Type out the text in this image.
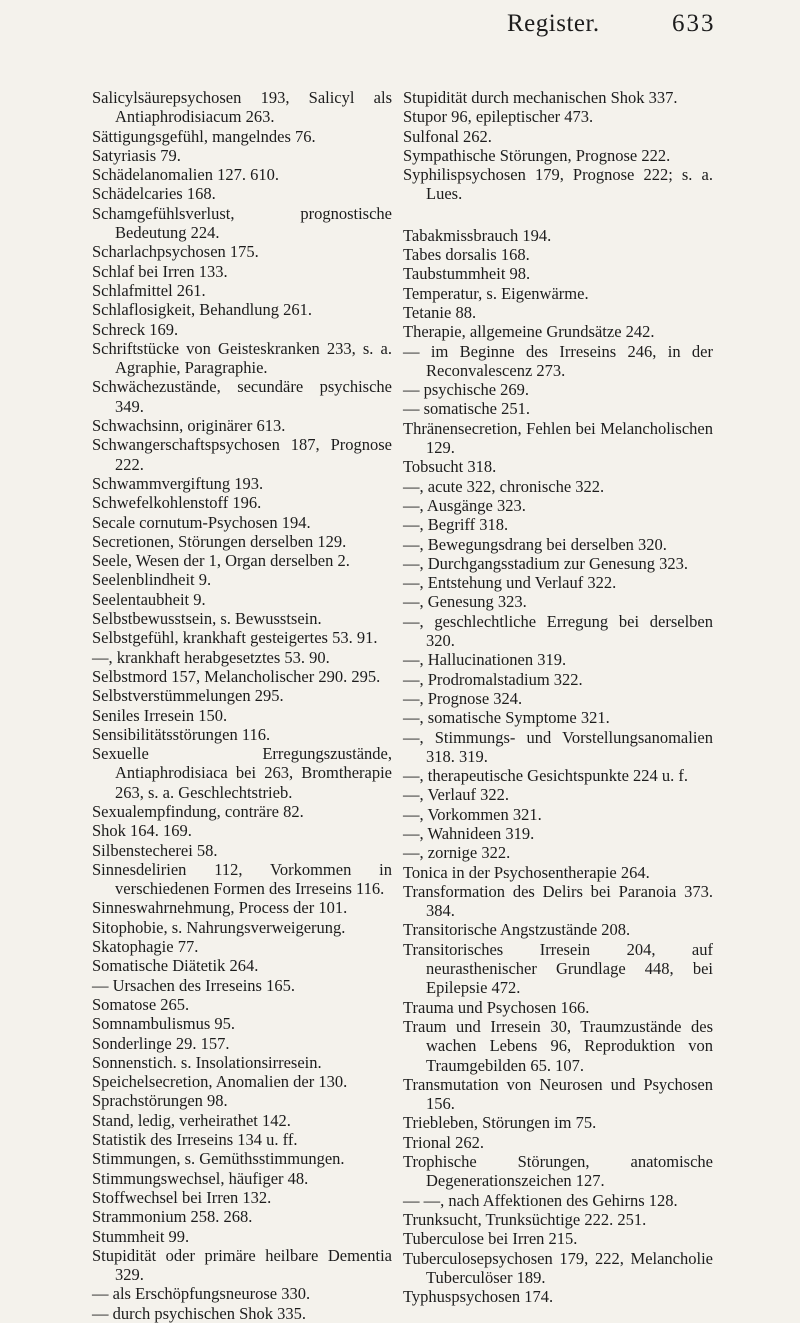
Register.	633
Salicylsäurepsychosen 193, Salicyl als Antiaphrodisiacum 263.
Sättigungsgefühl, mangelndes 76.
Satyriasis 79.
Schädelanomalien 127. 610.
Schädelcaries 168.
Schamgefühlsverlust, prognostische Bedeutung 224.
Scharlachpsychosen 175.
Schlaf bei Irren 133.
Schlafmittel 261.
Schlaflosigkeit, Behandlung 261.
Schreck 169.
Schriftstücke von Geisteskranken 233, s. a. Agraphie, Paragraphie.
Schwächezustände, secundäre psychische 349.
Schwachsinn, originärer 613.
Schwangerschaftspsychosen 187, Prognose 222.
Schwammvergiftung 193.
Schwefelkohlenstoff 196.
Secale cornutum-Psychosen 194.
Secretionen, Störungen derselben 129.
Seele, Wesen der 1, Organ derselben 2.
Seelenblindheit 9.
Seelentaubheit 9.
Selbstbewusstsein, s. Bewusstsein.
Selbstgefühl, krankhaft gesteigertes 53. 91.
—, krankhaft herabgesetztes 53. 90.
Selbstmord 157, Melancholischer 290. 295.
Selbstverstümmelungen 295.
Seniles Irresein 150.
Sensibilitätsstörungen 116.
Sexuelle Erregungszustände, Antiaphrodisiaca bei 263, Bromtherapie 263, s. a. Geschlechtstrieb.
Sexualempfindung, conträre 82.
Shok 164. 169.
Silbenstecherei 58.
Sinnesdelirien 112, Vorkommen in verschiedenen Formen des Irreseins 116.
Sinneswahrnehmung, Process der 101.
Sitophobie, s. Nahrungsverweigerung.
Skatophagie 77.
Somatische Diätetik 264.
— Ursachen des Irreseins 165.
Somatose 265.
Somnambulismus 95.
Sonderlinge 29. 157.
Sonnenstich. s. Insolationsirresein.
Speichelsecretion, Anomalien der 130.
Sprachstörungen 98.
Stand, ledig, verheirathet 142.
Statistik des Irreseins 134 u. ff.
Stimmungen, s. Gemüthsstimmungen.
Stimmungswechsel, häufiger 48.
Stoffwechsel bei Irren 132.
Strammonium 258. 268.
Stummheit 99.
Stupidität oder primäre heilbare Dementia 329.
— als Erschöpfungsneurose 330.
— durch psychischen Shok 335.
Stupidität durch mechanischen Shok 337.
Stupor 96, epileptischer 473.
Sulfonal 262.
Sympathische Störungen, Prognose 222.
Syphilispsychosen 179, Prognose 222; s. a. Lues.
Tabakmissbrauch 194.
Tabes dorsalis 168.
Taubstummheit 98.
Temperatur, s. Eigenwärme.
Tetanie 88.
Therapie, allgemeine Grundsätze 242.
— im Beginne des Irreseins 246, in der Reconvalescenz 273.
— psychische 269.
— somatische 251.
Thränensecretion, Fehlen bei Melancholischen 129.
Tobsucht 318.
—, acute 322, chronische 322.
—, Ausgänge 323.
—, Begriff 318.
—, Bewegungsdrang bei derselben 320.
—, Durchgangsstadium zur Genesung 323.
—, Entstehung und Verlauf 322.
—, Genesung 323.
—, geschlechtliche Erregung bei derselben 320.
—, Hallucinationen 319.
—, Prodromalstadium 322.
—, Prognose 324.
—, somatische Symptome 321.
—, Stimmungs- und Vorstellungsanomalien 318. 319.
—, therapeutische Gesichtspunkte 224 u. f.
—, Verlauf 322.
—, Vorkommen 321.
—, Wahnideen 319.
—, zornige 322.
Tonica in der Psychosentherapie 264.
Transformation des Delirs bei Paranoia 373. 384.
Transitorische Angstzustände 208.
Transitorisches Irresein 204, auf neurasthenischer Grundlage 448, bei Epilepsie 472.
Trauma und Psychosen 166.
Traum und Irresein 30, Traumzustände des wachen Lebens 96, Reproduktion von Traumgebilden 65. 107.
Transmutation von Neurosen und Psychosen 156.
Triebleben, Störungen im 75.
Trional 262.
Trophische Störungen, anatomische Degenerationszeichen 127.
— —, nach Affektionen des Gehirns 128.
Trunksucht, Trunksüchtige 222. 251.
Tuberculose bei Irren 215.
Tuberculosepsychosen 179, 222, Melancholie Tuberculöser 189.
Typhuspsychosen 174.
